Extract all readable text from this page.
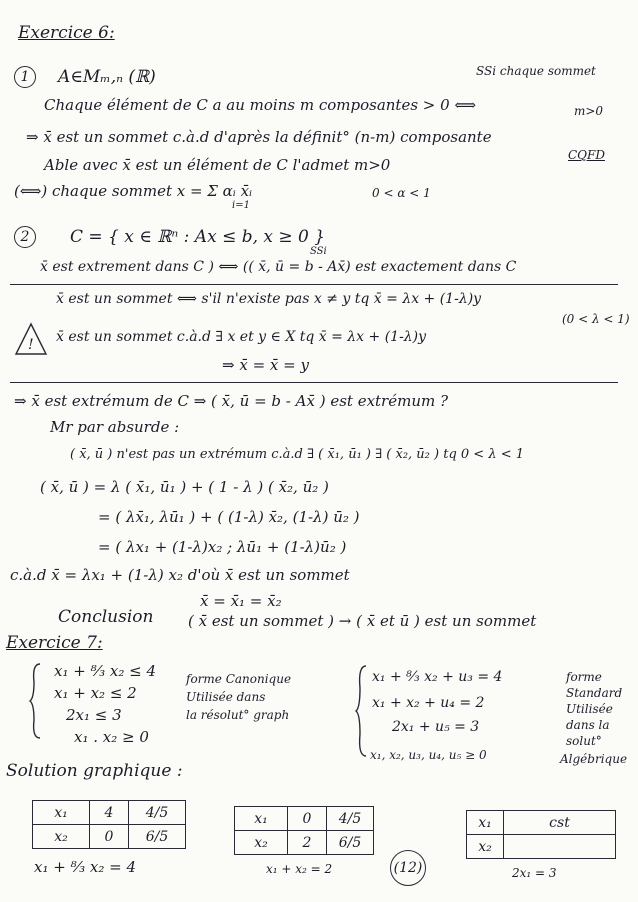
Exercice 6:
1	A∈Mₘ,ₙ (ℝ)	SSi chaque sommet
Chaque élément de C a au moins m composantes > 0 ⟺	m>0
⇒ x̄ est un sommet c.à.d d'après la définit° (n-m) composante
Able avec x̄ est un élément de C l'admet m>0
CQFD
(⟺) chaque sommet x = Σ αᵢ x̄ᵢ
i=1
0 < α < 1
2	C = { x ∈ ℝⁿ : Ax ≤ b, x ≥ 0 }
SSi
x̄ est extrement dans C ) ⟺ (( x̄, ū = b - Ax̄) est exactement dans C
x̄ est un sommet ⟺ s'il n'existe pas x ≠ y tq x̄ = λx + (1-λ)y
(0 < λ < 1)
! x̄ est un sommet c.à.d ∃ x et y ∈ X tq x̄ = λx + (1-λ)y
⇒ x̄ = x̄ = y
⇒ x̄ est extrémum de C ⇒ ( x̄, ū = b - Ax̄ ) est extrémum ?
Mr par absurde :
( x̄, ū ) n'est pas un extrémum c.à.d ∃ ( x̄₁, ū₁ ) ∃ ( x̄₂, ū₂ ) tq 0 < λ < 1
( x̄, ū ) = λ ( x̄₁, ū₁ ) + ( 1 - λ ) ( x̄₂, ū₂ )
= ( λx̄₁, λū₁ ) + ( (1-λ) x̄₂, (1-λ) ū₂ )
= ( λx₁ + (1-λ)x₂ ; λū₁ + (1-λ)ū₂ )
c.à.d x̄ = λx₁ + (1-λ) x₂ d'où x̄ est un sommet
x̄ = x̄₁ = x̄₂
Conclusion ( x̄ est un sommet ) → ( x̄ et ū ) est un sommet
Exercice 7:
x₁ + ⁸⁄₃ x₂ ≤ 4
x₁ + x₂ ≤ 2
2x₁ ≤ 3
x₁ . x₂ ≥ 0
forme Canonique
Utilisée dans
la résolut° graph
x₁ + ⁸⁄₃ x₂ + u₃ = 4
x₁ + x₂ + u₄ = 2
2x₁ + u₅ = 3
x₁, x₂, u₃, u₄, u₅ ≥ 0
forme
Standard
Utilisée
dans la
solut°
Algébrique
Solution graphique :
x₁	4	4/5
x₂	0	6/5
x₁ + ⁸⁄₃ x₂ = 4
x₁	0	4/5
x₂	2	6/5
x₁ + x₂ = 2	(12)
x₁	cst
x₂	
2x₁ = 3
